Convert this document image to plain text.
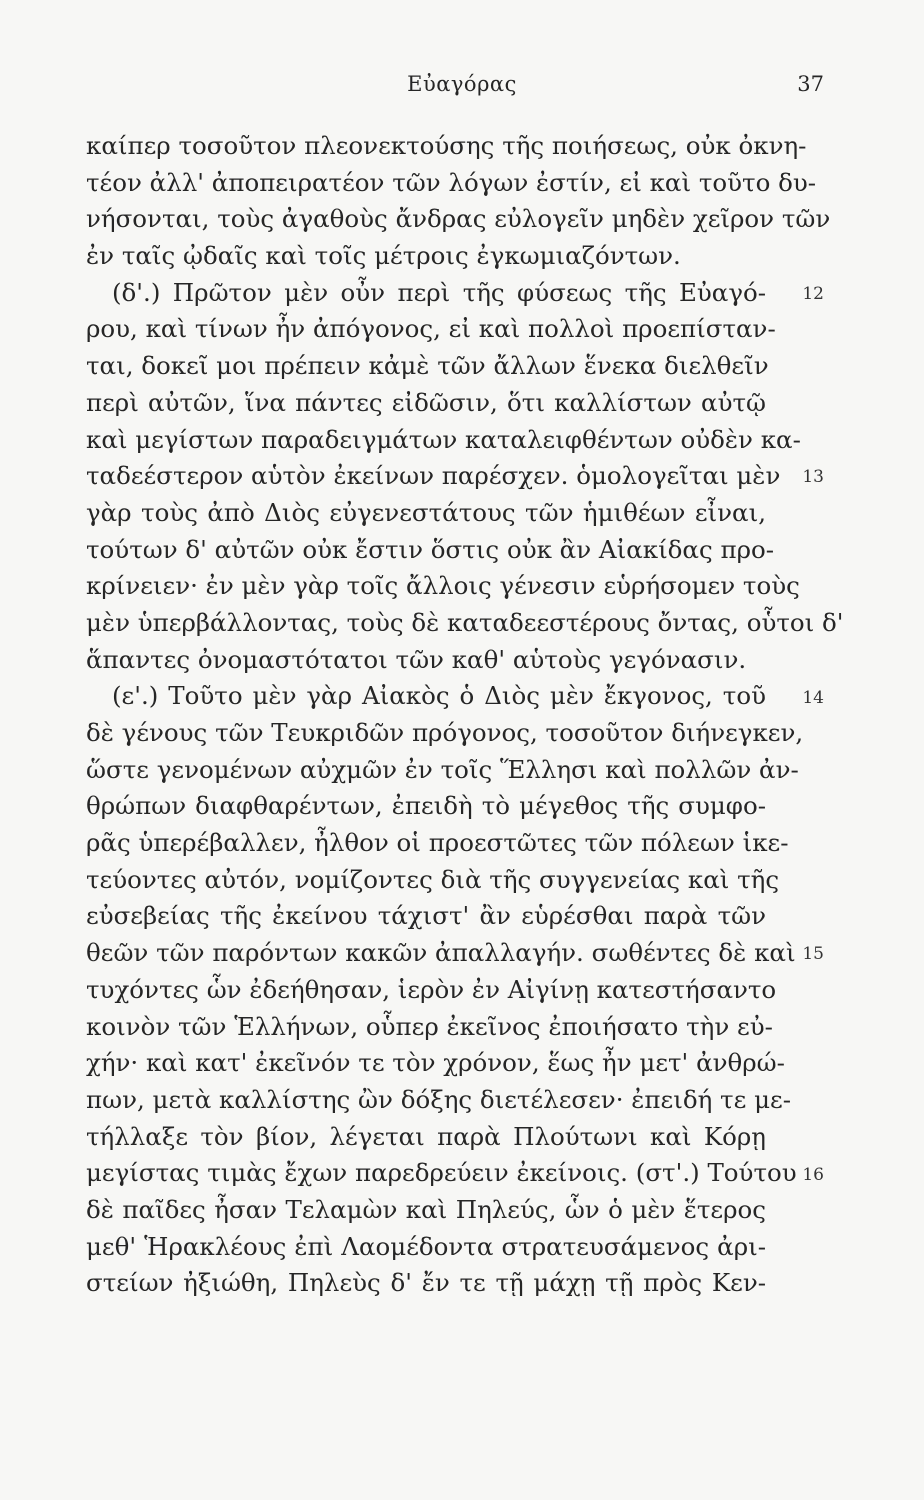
Εὐαγόρας	37
καίπερ τοσοῦτον πλεονεκτούσης τῆς ποιήσεως, οὐκ ὀκνη-
τέον ἀλλ' ἀποπειρατέον τῶν λόγων ἐστίν, εἰ καὶ τοῦτο δυ-
νήσονται, τοὺς ἀγαθοὺς ἄνδρας εὐλογεῖν μηδὲν χεῖρον τῶν
ἐν ταῖς ᾠδαῖς καὶ τοῖς μέτροις ἐγκωμιαζόντων.
(δ'.) Πρῶτον μὲν οὖν περὶ τῆς φύσεως τῆς Εὐαγό-
ρου, καὶ τίνων ἦν ἀπόγονος, εἰ καὶ πολλοὶ προεπίσταν-
ται, δοκεῖ μοι πρέπειν κἀμὲ τῶν ἄλλων ἕνεκα διελθεῖν
περὶ αὐτῶν, ἵνα πάντες εἰδῶσιν, ὅτι καλλίστων αὐτῷ
καὶ μεγίστων παραδειγμάτων καταλειφθέντων οὐδὲν κα-
ταδεέστερον αὑτὸν ἐκείνων παρέσχεν. ὁμολογεῖται μὲν
γὰρ τοὺς ἀπὸ Διὸς εὐγενεστάτους τῶν ἡμιθέων εἶναι,
τούτων δ' αὐτῶν οὐκ ἔστιν ὅστις οὐκ ἂν Αἰακίδας προ-
κρίνειεν· ἐν μὲν γὰρ τοῖς ἄλλοις γένεσιν εὑρήσομεν τοὺς
μὲν ὑπερβάλλοντας, τοὺς δὲ καταδεεστέρους ὄντας, οὗτοι δ'
ἅπαντες ὀνομαστότατοι τῶν καθ' αὑτοὺς γεγόνασιν.
(ε'.) Τοῦτο μὲν γὰρ Αἰακὸς ὁ Διὸς μὲν ἔκγονος, τοῦ
δὲ γένους τῶν Τευκριδῶν πρόγονος, τοσοῦτον διήνεγκεν,
ὥστε γενομένων αὐχμῶν ἐν τοῖς Ἕλλησι καὶ πολλῶν ἀν-
θρώπων διαφθαρέντων, ἐπειδὴ τὸ μέγεθος τῆς συμφο-
ρᾶς ὑπερέβαλλεν, ἦλθον οἱ προεστῶτες τῶν πόλεων ἱκε-
τεύοντες αὐτόν, νομίζοντες διὰ τῆς συγγενείας καὶ τῆς
εὐσεβείας τῆς ἐκείνου τάχιστ' ἂν εὑρέσθαι παρὰ τῶν
θεῶν τῶν παρόντων κακῶν ἀπαλλαγήν. σωθέντες δὲ καὶ
τυχόντες ὧν ἐδεήθησαν, ἱερὸν ἐν Αἰγίνῃ κατεστήσαντο
κοινὸν τῶν Ἑλλήνων, οὗπερ ἐκεῖνος ἐποιήσατο τὴν εὐ-
χήν· καὶ κατ' ἐκεῖνόν τε τὸν χρόνον, ἕως ἦν μετ' ἀνθρώ-
πων, μετὰ καλλίστης ὢν δόξης διετέλεσεν· ἐπειδή τε με-
τήλλαξε τὸν βίον, λέγεται παρὰ Πλούτωνι καὶ Κόρῃ
μεγίστας τιμὰς ἔχων παρεδρεύειν ἐκείνοις. (στ'.) Τούτου
δὲ παῖδες ἦσαν Τελαμὼν καὶ Πηλεύς, ὧν ὁ μὲν ἕτερος
μεθ' Ἡρακλέους ἐπὶ Λαομέδοντα στρατευσάμενος ἀρι-
στείων ἠξιώθη, Πηλεὺς δ' ἔν τε τῇ μάχῃ τῇ πρὸς Κεν-
12
13
14
15
16
